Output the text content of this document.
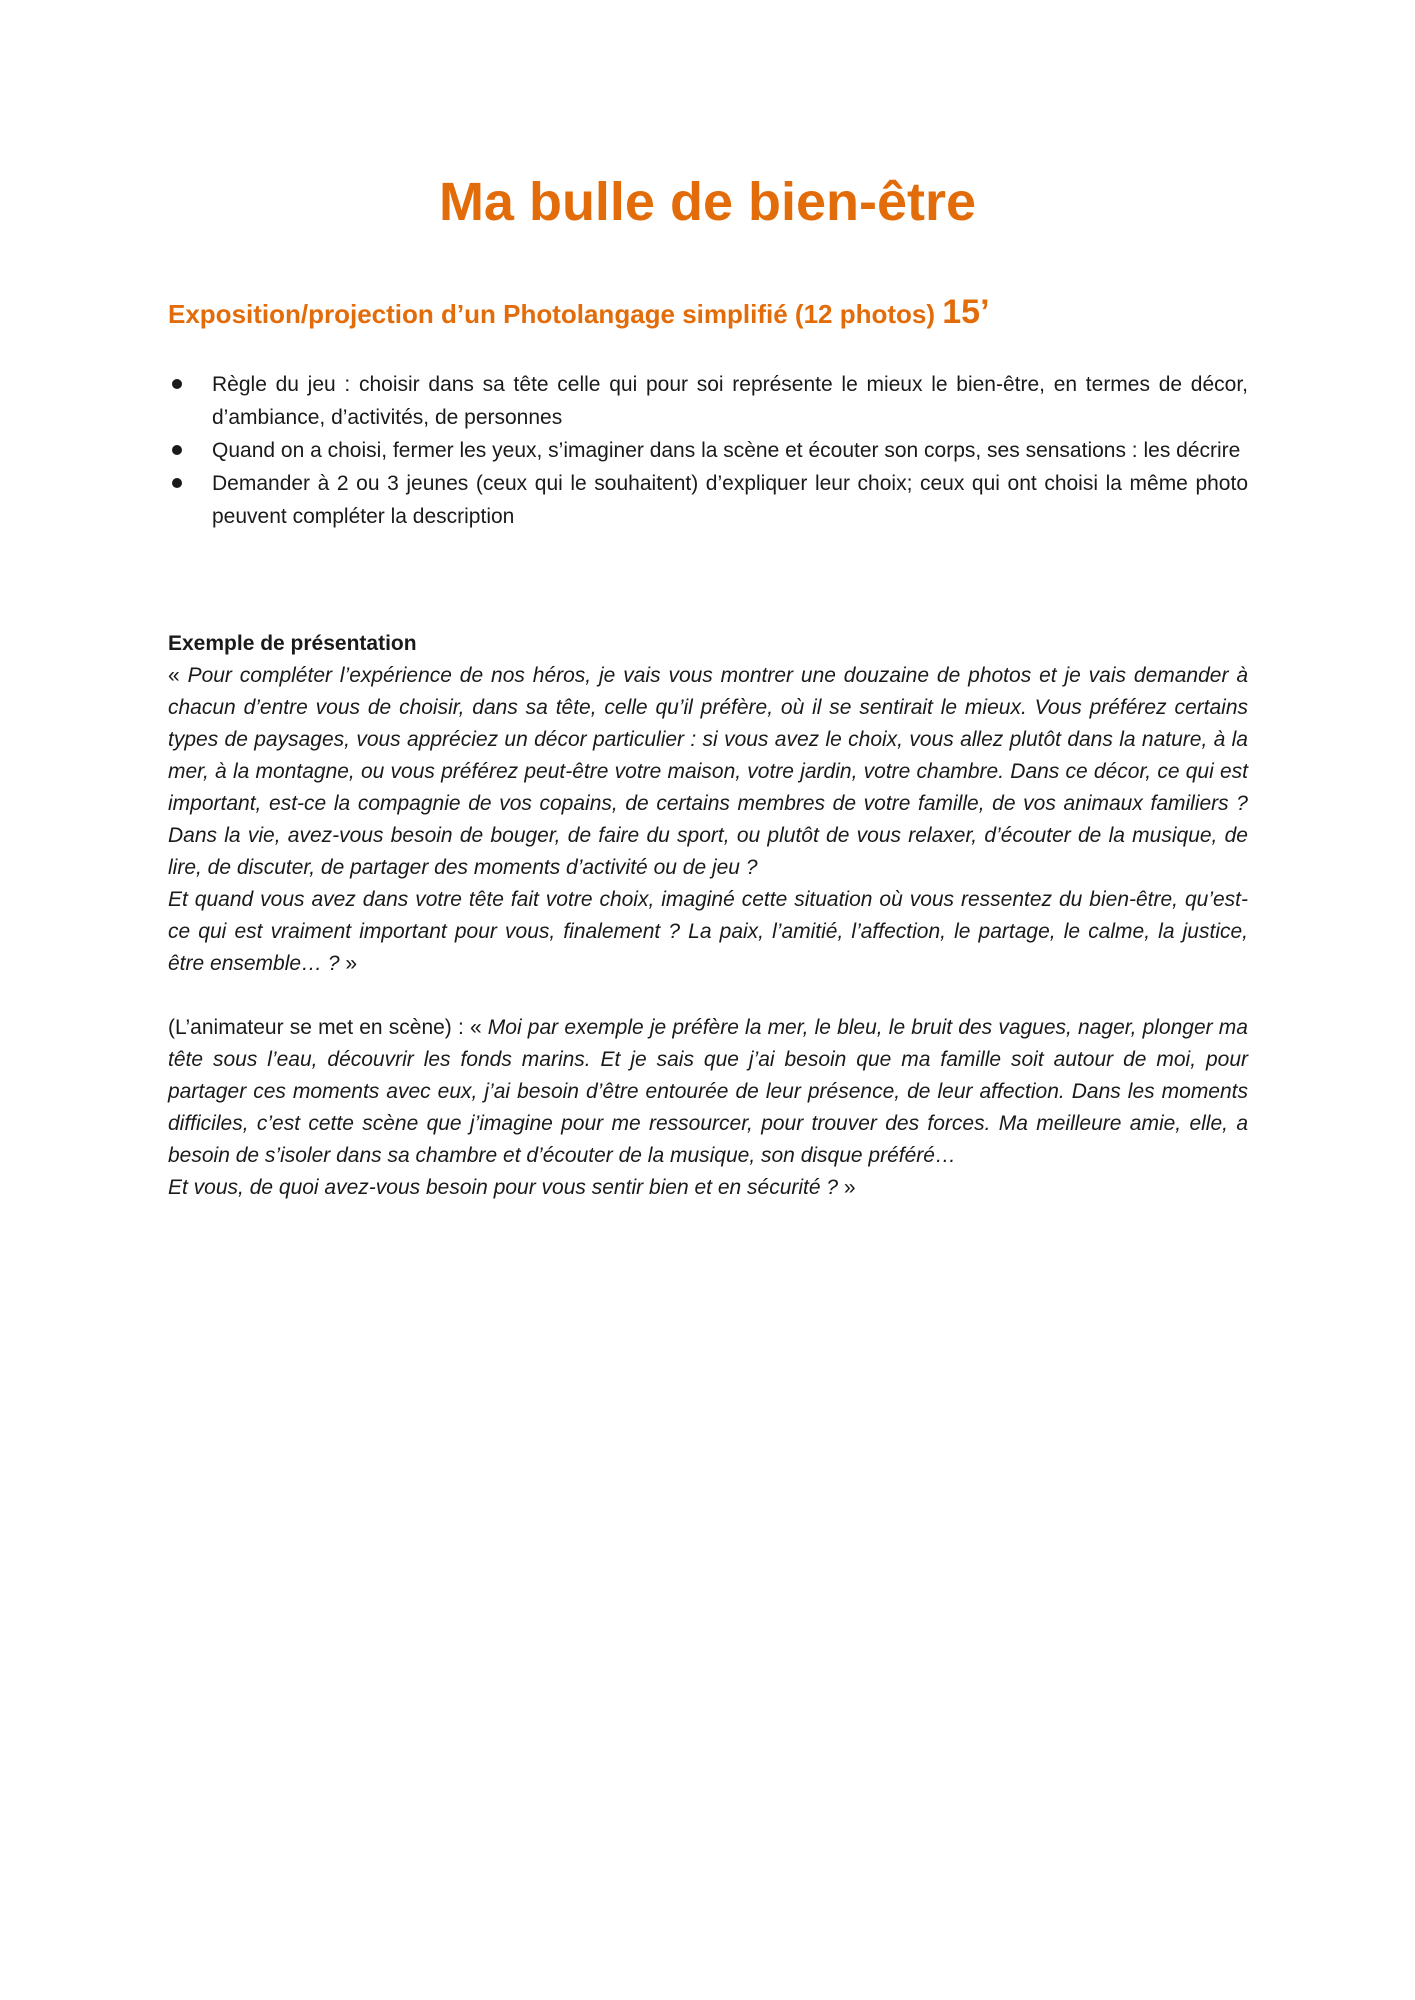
Ma bulle de bien-être
Exposition/projection d’un Photolangage simplifié (12 photos) 15’
Règle du jeu : choisir dans sa tête celle qui pour soi représente le mieux le bien-être, en termes de décor, d’ambiance, d’activités, de personnes
Quand on a choisi, fermer les yeux, s’imaginer dans la scène et écouter son corps, ses sensations : les décrire
Demander à 2 ou 3 jeunes (ceux qui le souhaitent) d’expliquer leur choix; ceux qui ont choisi la même photo peuvent compléter la description

Exemple de présentation

« Pour compléter l’expérience de nos héros, je vais vous montrer une douzaine de photos et je vais demander à chacun d’entre vous de choisir, dans sa tête, celle qu’il préfère, où il se sentirait le mieux. Vous préférez certains types de paysages, vous appréciez un décor particulier : si vous avez le choix, vous allez plutôt dans la nature, à la mer, à la montagne, ou vous préférez peut-être votre maison, votre jardin, votre chambre. Dans ce décor, ce qui est important, est-ce la compagnie de vos copains, de certains membres de votre famille, de vos animaux familiers ? Dans la vie, avez-vous besoin de bouger, de faire du sport, ou plutôt de vous relaxer, d’écouter de la musique, de lire, de discuter, de partager des moments d’activité ou de jeu ?

Et quand vous avez dans votre tête fait votre choix, imaginé cette situation où vous ressentez du bien-être, qu’est-ce qui est vraiment important pour vous, finalement ? La paix, l’amitié, l’affection, le partage, le calme, la justice, être ensemble… ? »

(L’animateur se met en scène) : « Moi par exemple je préfère la mer, le bleu, le bruit des vagues, nager, plonger ma tête sous l’eau, découvrir les fonds marins. Et je sais que j’ai besoin que ma famille soit autour de moi, pour partager ces moments avec eux, j’ai besoin d’être entourée de leur présence, de leur affection. Dans les moments difficiles, c’est cette scène que j’imagine pour me ressourcer, pour trouver des forces. Ma meilleure amie, elle, a besoin de s’isoler dans sa chambre et d’écouter de la musique, son disque préféré…

Et vous, de quoi avez-vous besoin pour vous sentir bien et en sécurité ? »
